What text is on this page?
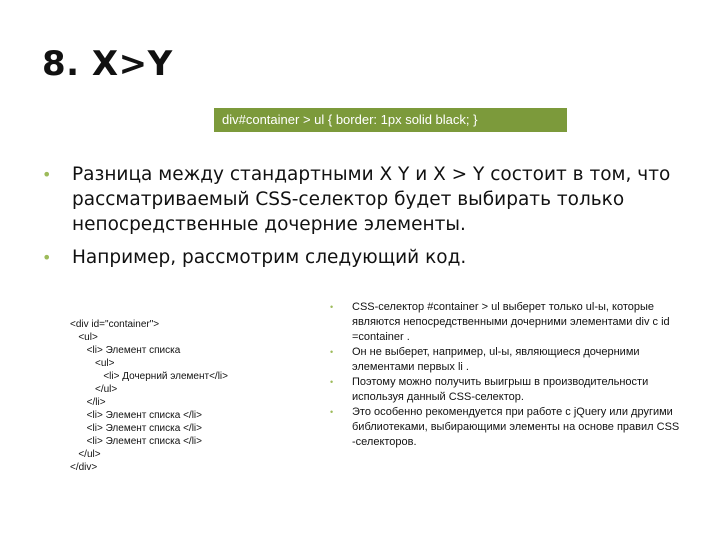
8. X>Y
div#container > ul { border: 1px solid black; }
• Разница между стандартными X Y и X > Y состоит в том, что рассматриваемый CSS-селектор будет выбирать только непосредственные дочерние элементы.
• Например, рассмотрим следующий код.
<div id="container">
<ul>
<li> Элемент списка
<ul>
<li> Дочерний элемент</li>
</ul>
</li>
<li> Элемент списка </li>
<li> Элемент списка </li>
<li> Элемент списка </li>
</ul>
</div>
• CSS-селектор #container > ul выберет только ul-ы, которые являются непосредственными дочерними элементами div с id =container .
• Он не выберет, например, ul-ы, являющиеся дочерними элементами первых li .
• Поэтому можно получить выигрыш в производительности используя данный CSS-селектор.
• Это особенно рекомендуется при работе с jQuery или другими библиотеками, выбирающими элементы на основе правил CSS -селекторов.
